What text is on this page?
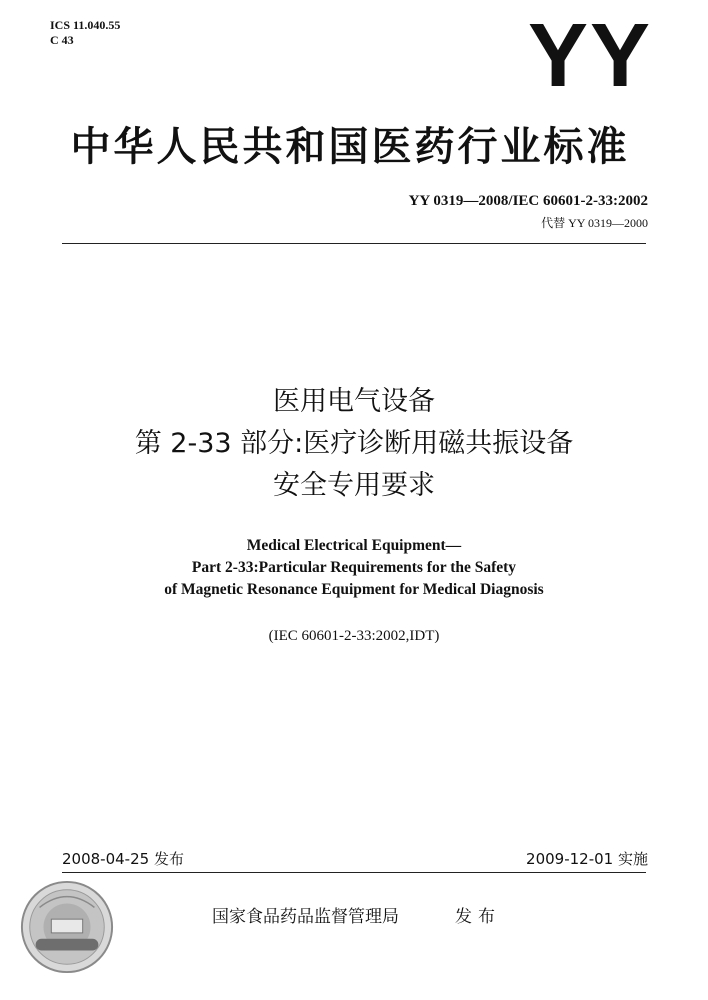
ICS 11.040.55
C 43	YY
中华人民共和国医药行业标准
YY 0319—2008/IEC 60601-2-33:2002
代替 YY 0319—2000
医用电气设备
第 2-33 部分:医疗诊断用磁共振设备
安全专用要求
Medical Electrical Equipment—
Part 2-33:Particular Requirements for the Safety
of Magnetic Resonance Equipment for Medical Diagnosis
(IEC 60601-2-33:2002,IDT)
2008-04-25 发布	2009-12-01 实施
国家食品药品监督管理局	发布
